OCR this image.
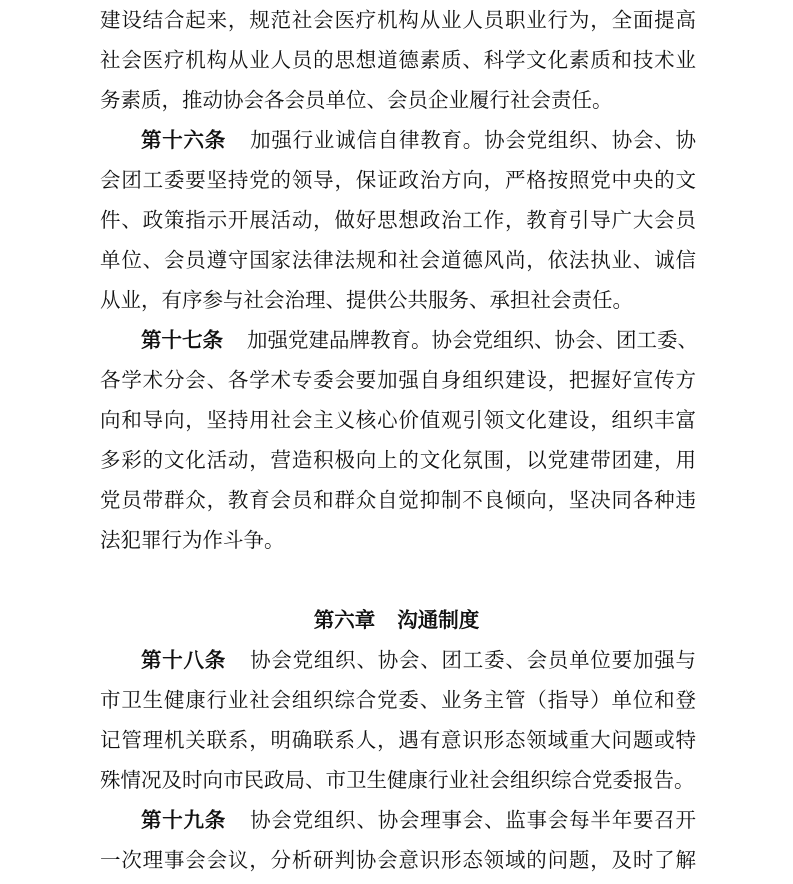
建设结合起来，规范社会医疗机构从业人员职业行为，全面提高
社会医疗机构从业人员的思想道德素质、科学文化素质和技术业
务素质，推动协会各会员单位、会员企业履行社会责任。
第十六条 加强行业诚信自律教育。协会党组织、协会、协
会团工委要坚持党的领导，保证政治方向，严格按照党中央的文
件、政策指示开展活动，做好思想政治工作，教育引导广大会员
单位、会员遵守国家法律法规和社会道德风尚，依法执业、诚信
从业，有序参与社会治理、提供公共服务、承担社会责任。
第十七条 加强党建品牌教育。协会党组织、协会、团工委、
各学术分会、各学术专委会要加强自身组织建设，把握好宣传方
向和导向，坚持用社会主义核心价值观引领文化建设，组织丰富
多彩的文化活动，营造积极向上的文化氛围，以党建带团建，用
党员带群众，教育会员和群众自觉抑制不良倾向，坚决同各种违
法犯罪行为作斗争。
第六章 沟通制度
第十八条 协会党组织、协会、团工委、会员单位要加强与
市卫生健康行业社会组织综合党委、业务主管（指导）单位和登
记管理机关联系，明确联系人，遇有意识形态领域重大问题或特
殊情况及时向市民政局、市卫生健康行业社会组织综合党委报告。
第十九条 协会党组织、协会理事会、监事会每半年要召开
一次理事会会议，分析研判协会意识形态领域的问题，及时了解
